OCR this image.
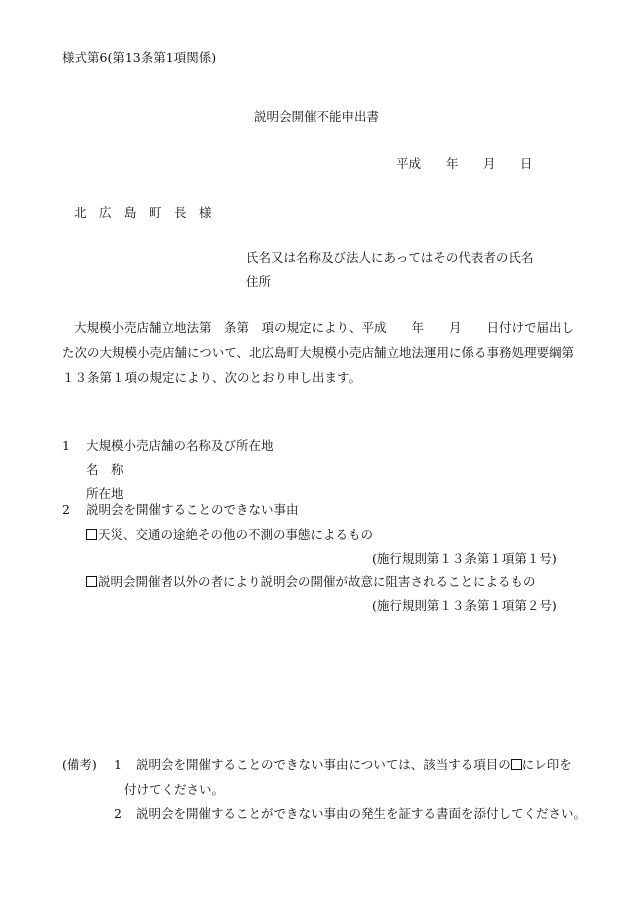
様式第6(第13条第1項関係)
説明会開催不能申出書
平成 年 月 日
北　広　島　町　長　様
氏名又は名称及び法人にあってはその代表者の氏名
住所
大規模小売店舗立地法第　条第　項の規定により、平成　　年　　月　　日付けで届出し
た次の大規模小売店舗について、北広島町大規模小売店舗立地法運用に係る事務処理要綱第
１３条第１項の規定により、次のとおり申し出ます。
1 大規模小売店舗の名称及び所在地
名　称
所在地
2 説明会を開催することのできない事由
天災、交通の途絶その他の不測の事態によるもの
(施行規則第１３条第１項第１号)
説明会開催者以外の者により説明会の開催が故意に阻害されることによるもの
(施行規則第１３条第１項第２号)
(備考) 1 説明会を開催することのできない事由については、該当する項目の にレ印を
付けてください。
2 説明会を開催することができない事由の発生を証する書面を添付してください。
